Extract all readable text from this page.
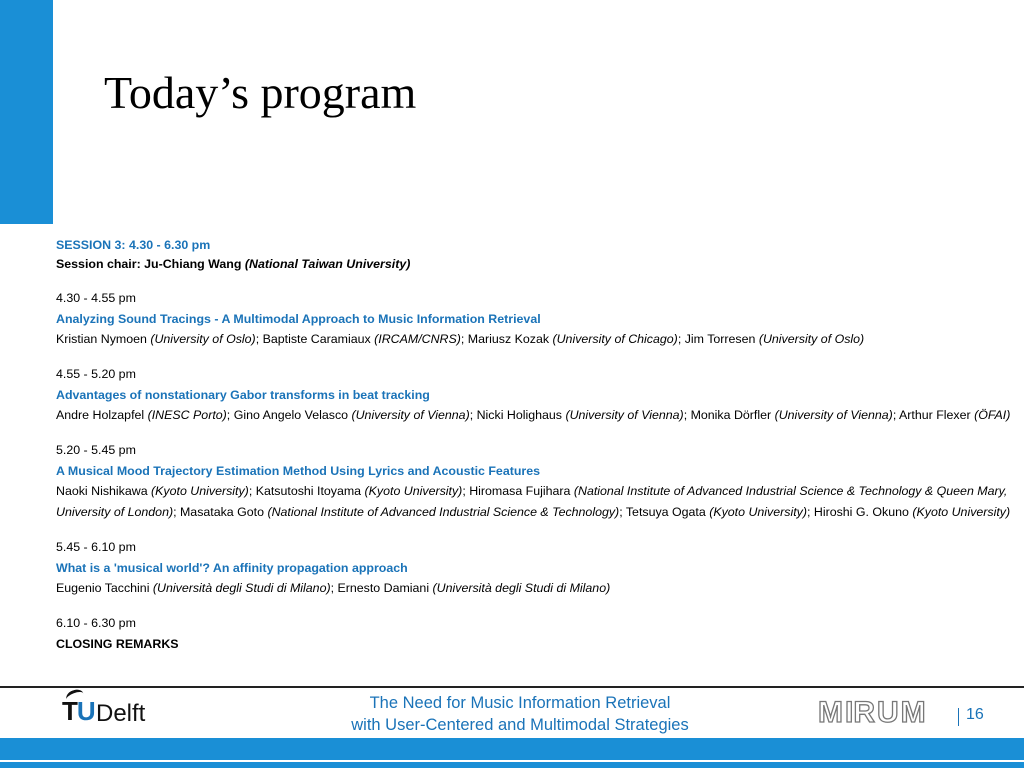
Today’s program
SESSION 3: 4.30 - 6.30 pm
Session chair: Ju-Chiang Wang (National Taiwan University)
4.30 - 4.55 pm
Analyzing Sound Tracings - A Multimodal Approach to Music Information Retrieval
Kristian Nymoen (University of Oslo); Baptiste Caramiaux (IRCAM/CNRS); Mariusz Kozak (University of Chicago); Jim Torresen (University of Oslo)
4.55 - 5.20 pm
Advantages of nonstationary Gabor transforms in beat tracking
Andre Holzapfel (INESC Porto); Gino Angelo Velasco (University of Vienna); Nicki Holighaus (University of Vienna); Monika Dörfler (University of Vienna); Arthur Flexer (ÖFAI)
5.20 - 5.45 pm
A Musical Mood Trajectory Estimation Method Using Lyrics and Acoustic Features
Naoki Nishikawa (Kyoto University); Katsutoshi Itoyama (Kyoto University); Hiromasa Fujihara (National Institute of Advanced Industrial Science & Technology & Queen Mary, University of London); Masataka Goto (National Institute of Advanced Industrial Science & Technology); Tetsuya Ogata (Kyoto University); Hiroshi G. Okuno (Kyoto University)
5.45 - 6.10 pm
What is a 'musical world'? An affinity propagation approach
Eugenio Tacchini (Università degli Studi di Milano); Ernesto Damiani (Università degli Studi di Milano)
6.10 - 6.30 pm
CLOSING REMARKS
TU Delft	The Need for Music Information Retrieval
with User-Centered and Multimodal Strategies	MIRUM 16
